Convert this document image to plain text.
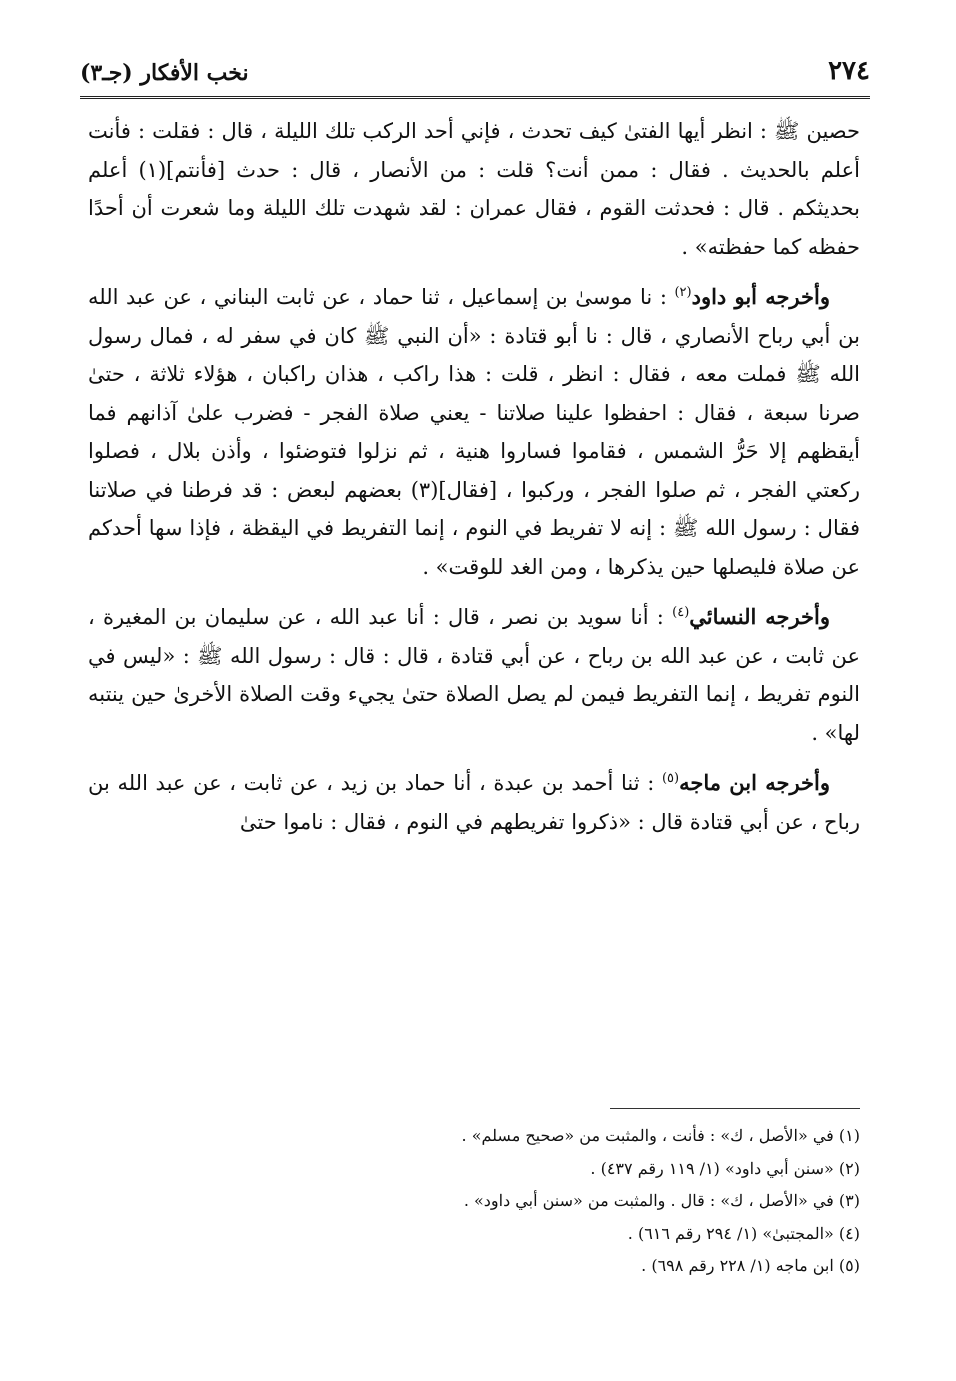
٢٧٤
نخب الأفكار (جـ٣)

حصين ﷺ : انظر أيها الفتىٰ كيف تحدث ، فإني أحد الركب تلك الليلة ، قال : فقلت : فأنت أعلم بالحديث . فقال : ممن أنت؟ قلت : من الأنصار ، قال : حدث [فأنتم](١) أعلم بحديثكم . قال : فحدثت القوم ، فقال عمران : لقد شهدت تلك الليلة وما شعرت أن أحدًا حفظه كما حفظته» .

وأخرجه أبو داود$^{(٢)}$ : نا موسىٰ بن إسماعيل ، ثنا حماد ، عن ثابت البناني ، عن عبد الله بن أبي رباح الأنصاري ، قال : نا أبو قتادة : «أن النبي ﷺ كان في سفر له ، فمال رسول الله ﷺ فملت معه ، فقال : انظر ، قلت : هذا راكب ، هذان راكبان ، هؤلاء ثلاثة ، حتىٰ صرنا سبعة ، فقال : احفظوا علينا صلاتنا - يعني صلاة الفجر - فضرب علىٰ آذانهم فما أيقظهم إلا حَرُّ الشمس ، فقاموا فساروا هنية ، ثم نزلوا فتوضئوا ، وأذن بلال ، فصلوا ركعتي الفجر ، ثم صلوا الفجر ، وركبوا ، [فقال](٣) بعضهم لبعض : قد فرطنا في صلاتنا فقال : رسول الله ﷺ : إنه لا تفريط في النوم ، إنما التفريط في اليقظة ، فإذا سها أحدكم عن صلاة فليصلها حين يذكرها ، ومن الغد للوقت» .

وأخرجه النسائي$^{(٤)}$ : أنا سويد بن نصر ، قال : أنا عبد الله ، عن سليمان بن المغيرة ، عن ثابت ، عن عبد الله بن رباح ، عن أبي قتادة ، قال : قال : رسول الله ﷺ : «ليس في النوم تفريط ، إنما التفريط فيمن لم يصل الصلاة حتىٰ يجيء وقت الصلاة الأخرىٰ حين ينتبه لها» .

وأخرجه ابن ماجه$^{(٥)}$ : ثنا أحمد بن عبدة ، أنا حماد بن زيد ، عن ثابت ، عن عبد الله بن رباح ، عن أبي قتادة قال : «ذكروا تفريطهم في النوم ، فقال : ناموا حتىٰ

(١) في «الأصل ، ك» : فأنت ، والمثبت من «صحيح مسلم» .

(٢) «سنن أبي داود» (١/ ١١٩ رقم ٤٣٧) .

(٣) في «الأصل ، ك» : قال . والمثبت من «سنن أبي داود» .

(٤) «المجتبىٰ» (١/ ٢٩٤ رقم ٦١٦) .

(٥) ابن ماجه (١/ ٢٢٨ رقم ٦٩٨) .
